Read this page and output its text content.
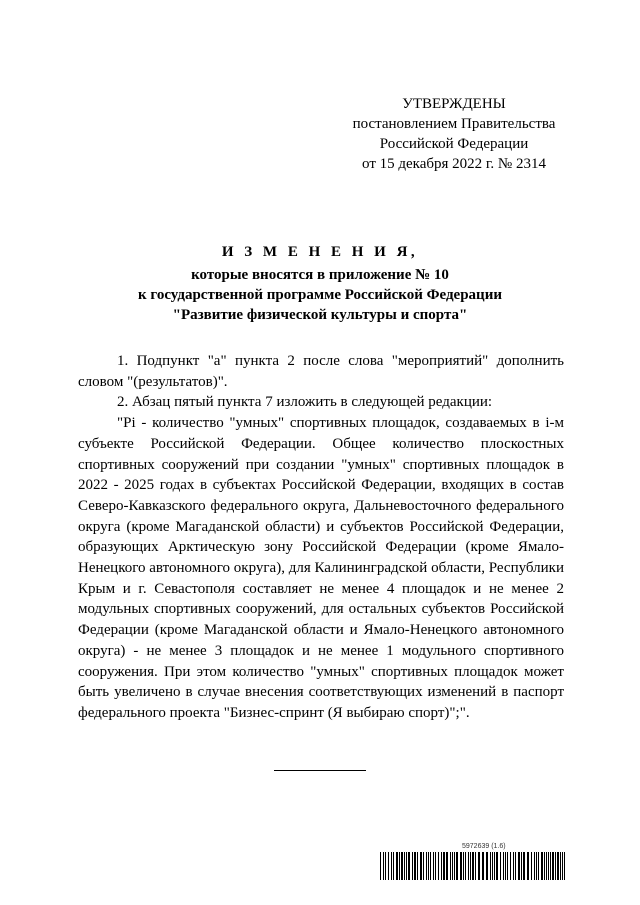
УТВЕРЖДЕНЫ
постановлением Правительства
Российской Федерации
от 15 декабря 2022 г. № 2314
И З М Е Н Е Н И Я,
которые вносятся в приложение № 10
к государственной программе Российской Федерации
"Развитие физической культуры и спорта"

1. Подпункт "а" пункта 2 после слова "мероприятий" дополнить словом "(результатов)".

2. Абзац пятый пункта 7 изложить в следующей редакции:

"Рi - количество "умных" спортивных площадок, создаваемых в i-м субъекте Российской Федерации. Общее количество плоскостных спортивных сооружений при создании "умных" спортивных площадок в 2022 - 2025 годах в субъектах Российской Федерации, входящих в состав Северо-Кавказского федерального округа, Дальневосточного федерального округа (кроме Магаданской области) и субъектов Российской Федерации, образующих Арктическую зону Российской Федерации (кроме Ямало-Ненецкого автономного округа), для Калининградской области, Республики Крым и г. Севастополя составляет не менее 4 площадок и не менее 2 модульных спортивных сооружений, для остальных субъектов Российской Федерации (кроме Магаданской области и Ямало-Ненецкого автономного округа) - не менее 3 площадок и не менее 1 модульного спортивного сооружения. При этом количество "умных" спортивных площадок может быть увеличено в случае внесения соответствующих изменений в паспорт федерального проекта "Бизнес-спринт (Я выбираю спорт)";".

5972639 (1.6)
